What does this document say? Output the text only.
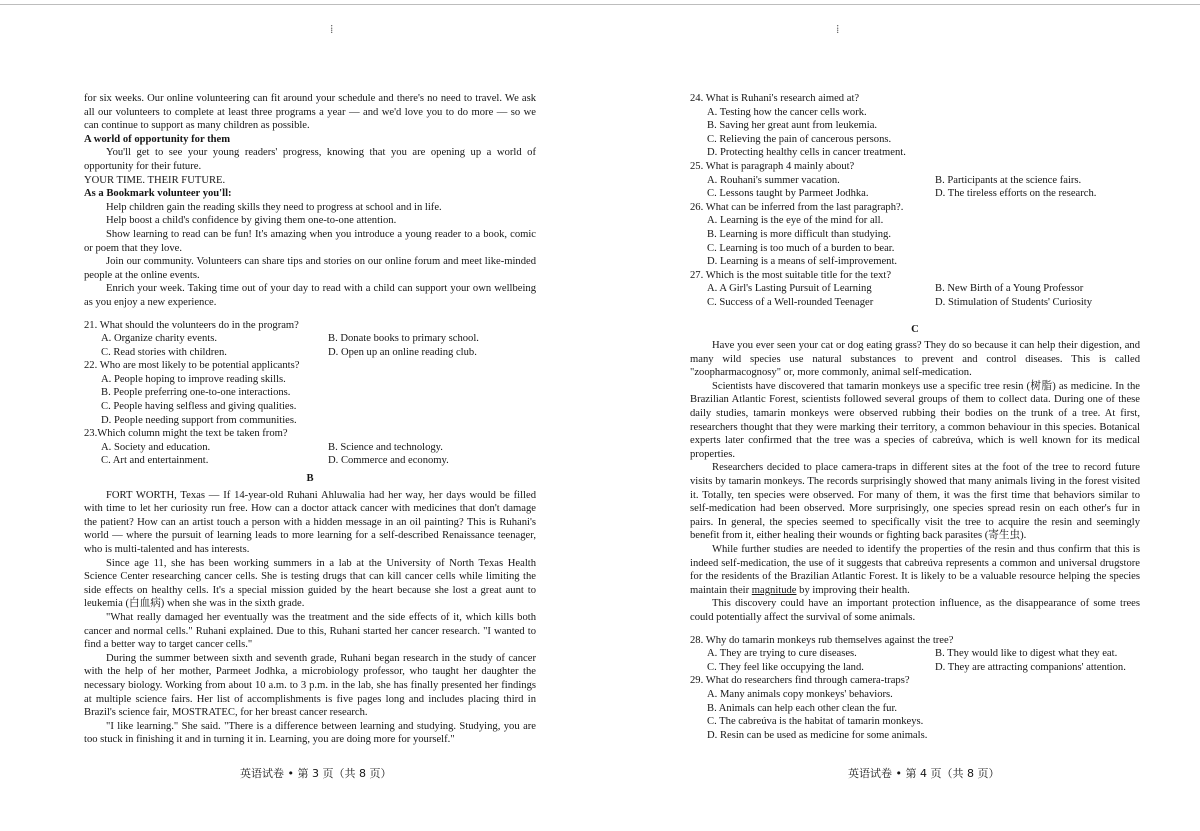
⁞	⁞

for six weeks. Our online volunteering can fit around your schedule and there's no need to travel. We ask all our volunteers to complete at least three programs a year — and we'd love you to do more — so we can continue to support as many children as possible.

A world of opportunity for them

You'll get to see your young readers' progress, knowing that you are opening up a world of opportunity for their future.

YOUR TIME. THEIR FUTURE.

As a Bookmark volunteer you'll:

Help children gain the reading skills they need to progress at school and in life.

Help boost a child's confidence by giving them one-to-one attention.

Show learning to read can be fun! It's amazing when you introduce a young reader to a book, comic or poem that they love.

Join our community. Volunteers can share tips and stories on our online forum and meet like-minded people at the online events.

Enrich your week. Taking time out of your day to read with a child can support your own wellbeing as you enjoy a new experience.

21. What should the volunteers do in the program?

A. Organize charity events.	B. Donate books to primary school.
C. Read stories with children.	D. Open up an online reading club.

22. Who are most likely to be potential applicants?

A. People hoping to improve reading skills.

B. People preferring one-to-one interactions.

C. People having selfless and giving qualities.

D. People needing support from communities.

23.Which column might the text be taken from?

A. Society and education.	B. Science and technology.
C. Art and entertainment.	D. Commerce and economy.

B

FORT WORTH, Texas — If 14-year-old Ruhani Ahluwalia had her way, her days would be filled with time to let her curiosity run free. How can a doctor attack cancer with medicines that don't damage the patient? How can an artist touch a person with a hidden message in an oil painting? This is Ruhani's world — where the pursuit of learning leads to more learning for a self-described Renaissance teenager, who is multi-talented and has interests.

Since age 11, she has been working summers in a lab at the University of North Texas Health Science Center researching cancer cells. She is testing drugs that can kill cancer cells while limiting the side effects on healthy cells. It's a special mission guided by the heart because she lost a great aunt to leukemia (白血病) when she was in the sixth grade.

"What really damaged her eventually was the treatment and the side effects of it, which kills both cancer and normal cells." Ruhani explained. Due to this, Ruhani started her cancer research. "I wanted to find a better way to target cancer cells."

During the summer between sixth and seventh grade, Ruhani began research in the study of cancer with the help of her mother, Parmeet Jodhka, a microbiology professor, who taught her daughter the necessary biology. Working from about 10 a.m. to 3 p.m. in the lab, she has finally presented her findings at multiple science fairs. Her list of accomplishments is five pages long and includes placing third in Brazil's science fair, MOSTRATEC, for her breast cancer research.

"I like learning." She said. "There is a difference between learning and studying. Studying, you are too stuck in finishing it and in turning it in. Learning, you are doing more for yourself."

英语试卷 • 第 3 页（共 8 页）

24. What is Ruhani's research aimed at?

A. Testing how the cancer cells work.

B. Saving her great aunt from leukemia.

C. Relieving the pain of cancerous persons.

D. Protecting healthy cells in cancer treatment.

25. What is paragraph 4 mainly about?

A. Rouhani's summer vacation.	B. Participants at the science fairs.
C. Lessons taught by Parmeet Jodhka.	D. The tireless efforts on the research.

26. What can be inferred from the last paragraph?.

A. Learning is the eye of the mind for all.

B. Learning is more difficult than studying.

C. Learning is too much of a burden to bear.

D. Learning is a means of self-improvement.

27. Which is the most suitable title for the text?

A. A Girl's Lasting Pursuit of Learning	B. New Birth of a Young Professor
C. Success of a Well-rounded Teenager	D. Stimulation of Students' Curiosity

C

Have you ever seen your cat or dog eating grass? They do so because it can help their digestion, and many wild species use natural substances to prevent and control diseases. This is called "zoopharmacognosy" or, more commonly, animal self-medication.

Scientists have discovered that tamarin monkeys use a specific tree resin (树脂) as medicine. In the Brazilian Atlantic Forest, scientists followed several groups of them to collect data. During one of these daily studies, tamarin monkeys were observed rubbing their bodies on the trunk of a tree. At first, researchers thought that they were marking their territory, a common behaviour in this species. Botanical experts later confirmed that the tree was a species of cabreúva, which is well known for its medical properties.

Researchers decided to place camera-traps in different sites at the foot of the tree to record future visits by tamarin monkeys. The records surprisingly showed that many animals living in the forest visited it. Totally, ten species were observed. For many of them, it was the first time that behaviors similar to self-medication had been observed. More surprisingly, one species spread resin on each other's fur in pairs. In general, the species seemed to specifically visit the tree to acquire the resin and seemingly benefit from it, either healing their wounds or fighting back parasites (寄生虫).

While further studies are needed to identify the properties of the resin and thus confirm that this is indeed self-medication, the use of it suggests that cabreúva represents a common and universal drugstore for the residents of the Brazilian Atlantic Forest. It is likely to be a valuable resource helping the species maintain their magnitude by improving their health.

This discovery could have an important protection influence, as the disappearance of some trees could potentially affect the survival of some animals.

28. Why do tamarin monkeys rub themselves against the tree?

A. They are trying to cure diseases.	B. They would like to digest what they eat.
C. They feel like occupying the land.	D. They are attracting companions' attention.

29. What do researchers find through camera-traps?

A. Many animals copy monkeys' behaviors.

B. Animals can help each other clean the fur.

C. The cabreúva is the habitat of tamarin monkeys.

D. Resin can be used as medicine for some animals.

英语试卷 • 第 4 页（共 8 页）
